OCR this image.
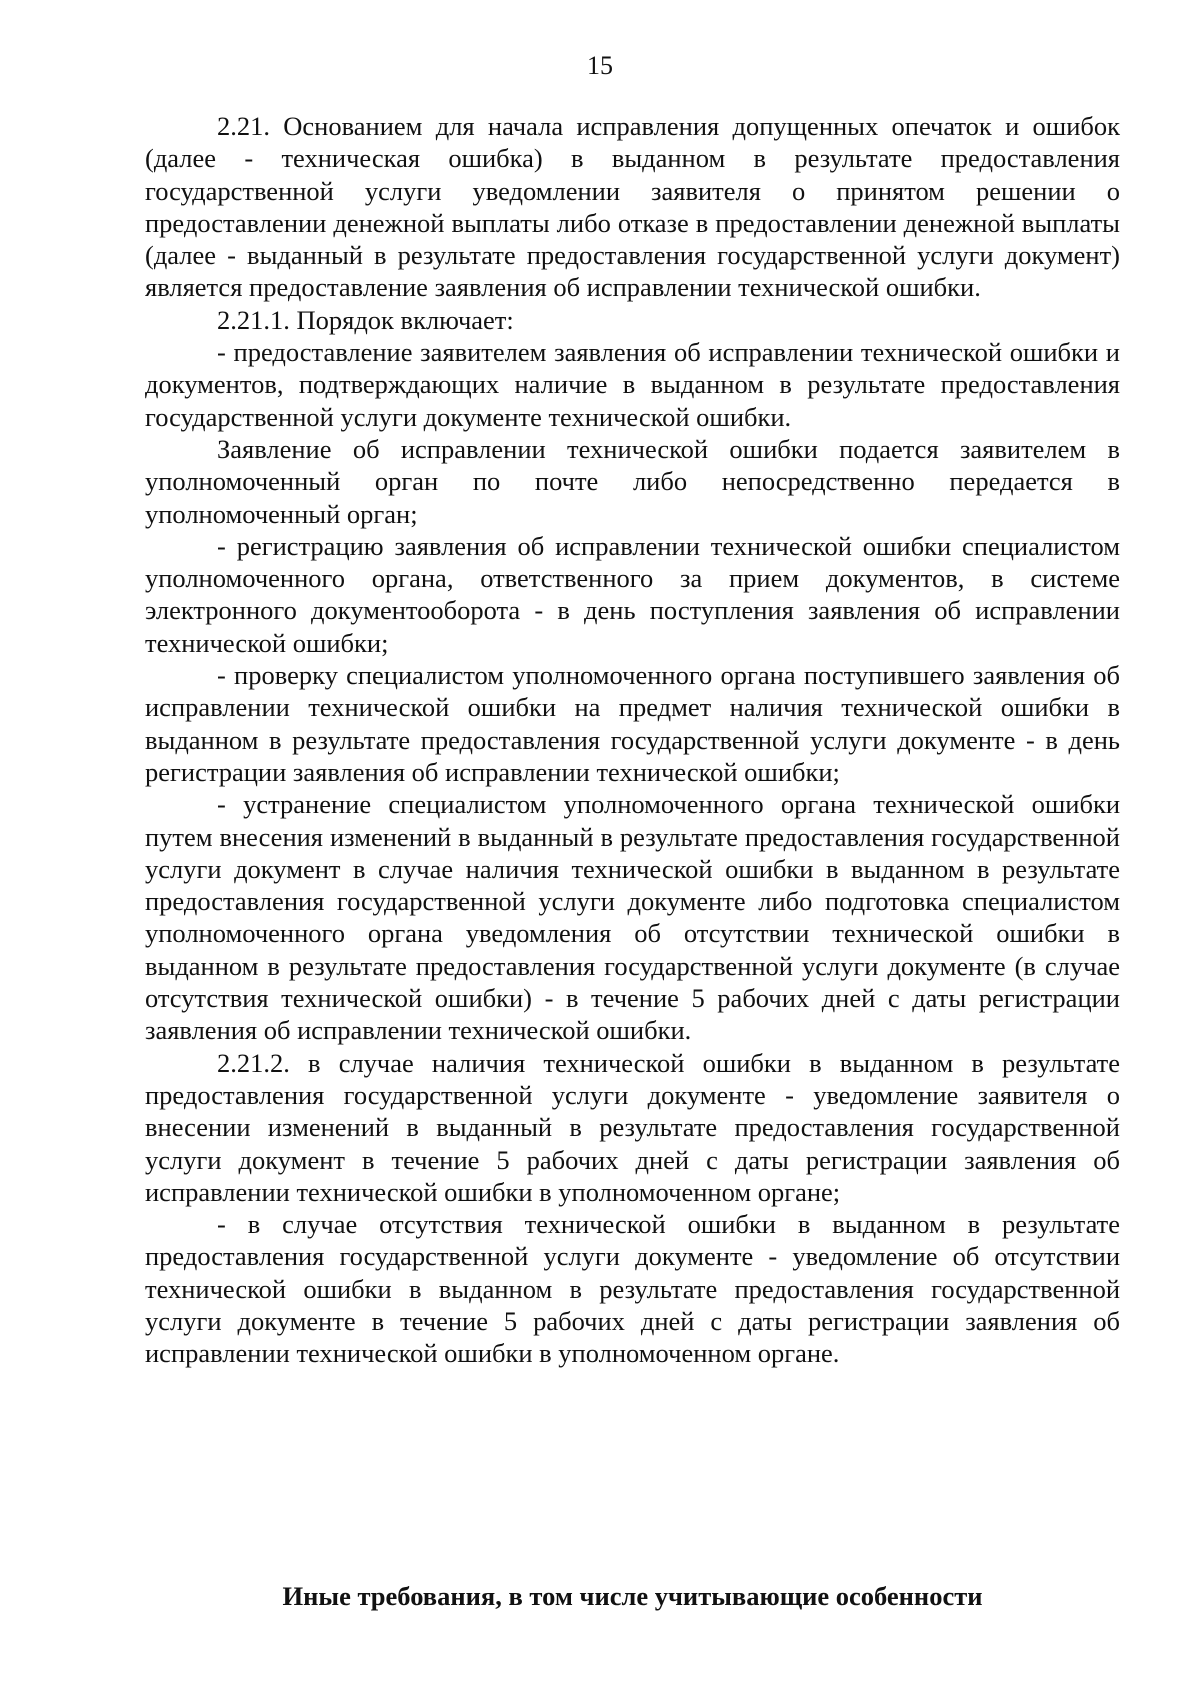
15

2.21. Основанием для начала исправления допущенных опечаток и ошибок (далее - техническая ошибка) в выданном в результате предоставления государственной услуги уведомлении заявителя о принятом решении о предоставлении денежной выплаты либо отказе в предоставлении денежной выплаты (далее - выданный в результате предоставления государственной услуги документ) является предоставление заявления об исправлении технической ошибки.

2.21.1. Порядок включает:

- предоставление заявителем заявления об исправлении технической ошибки и документов, подтверждающих наличие в выданном в результате предоставления государственной услуги документе технической ошибки.

Заявление об исправлении технической ошибки подается заявителем в уполномоченный орган по почте либо непосредственно передается в уполномоченный орган;

- регистрацию заявления об исправлении технической ошибки специалистом уполномоченного органа, ответственного за прием документов, в системе электронного документооборота - в день поступления заявления об исправлении технической ошибки;

- проверку специалистом уполномоченного органа поступившего заявления об исправлении технической ошибки на предмет наличия технической ошибки в выданном в результате предоставления государственной услуги документе - в день регистрации заявления об исправлении технической ошибки;

- устранение специалистом уполномоченного органа технической ошибки путем внесения изменений в выданный в результате предоставления государственной услуги документ в случае наличия технической ошибки в выданном в результате предоставления государственной услуги документе либо подготовка специалистом уполномоченного органа уведомления об отсутствии технической ошибки в выданном в результате предоставления государственной услуги документе (в случае отсутствия технической ошибки) - в течение 5 рабочих дней с даты регистрации заявления об исправлении технической ошибки.

2.21.2. в случае наличия технической ошибки в выданном в результате предоставления государственной услуги документе - уведомление заявителя о внесении изменений в выданный в результате предоставления государственной услуги документ в течение 5 рабочих дней с даты регистрации заявления об исправлении технической ошибки в уполномоченном органе;

- в случае отсутствия технической ошибки в выданном в результате предоставления государственной услуги документе - уведомление об отсутствии технической ошибки в выданном в результате предоставления государственной услуги документе в течение 5 рабочих дней с даты регистрации заявления об исправлении технической ошибки в уполномоченном органе.

Иные требования, в том числе учитывающие особенности
